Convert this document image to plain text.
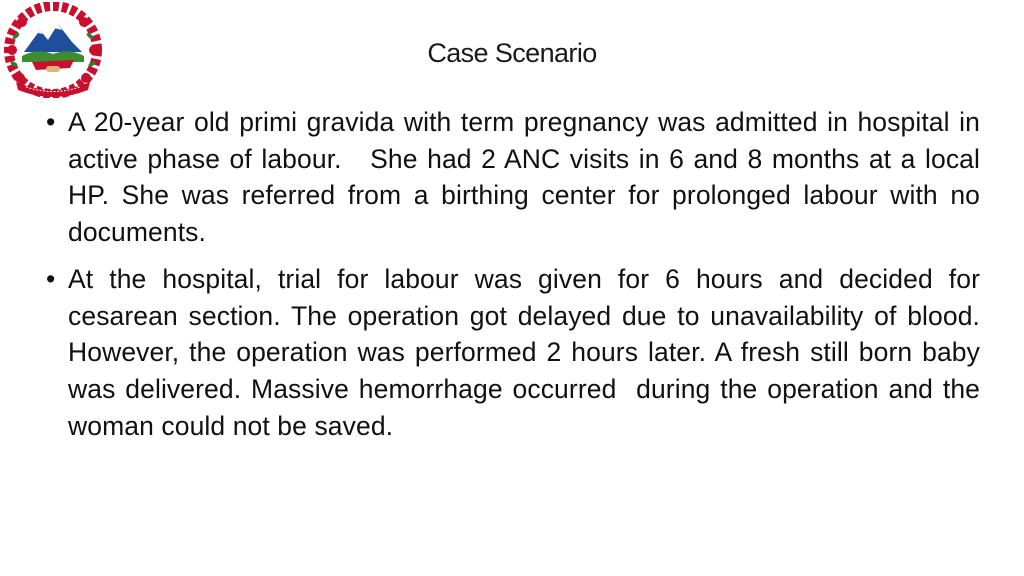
Case Scenario
• A 20-year old primi gravida with term pregnancy was admitted in hospital in active phase of labour.   She had 2 ANC visits in 6 and 8 months at a local HP. She was referred from a birthing center for prolonged labour with no documents.
• At the hospital, trial for labour was given for 6 hours and decided for cesarean section. The operation got delayed due to unavailability of blood. However, the operation was performed 2 hours later. A fresh still born baby was delivered. Massive hemorrhage occurred  during the operation and the woman could not be saved.
